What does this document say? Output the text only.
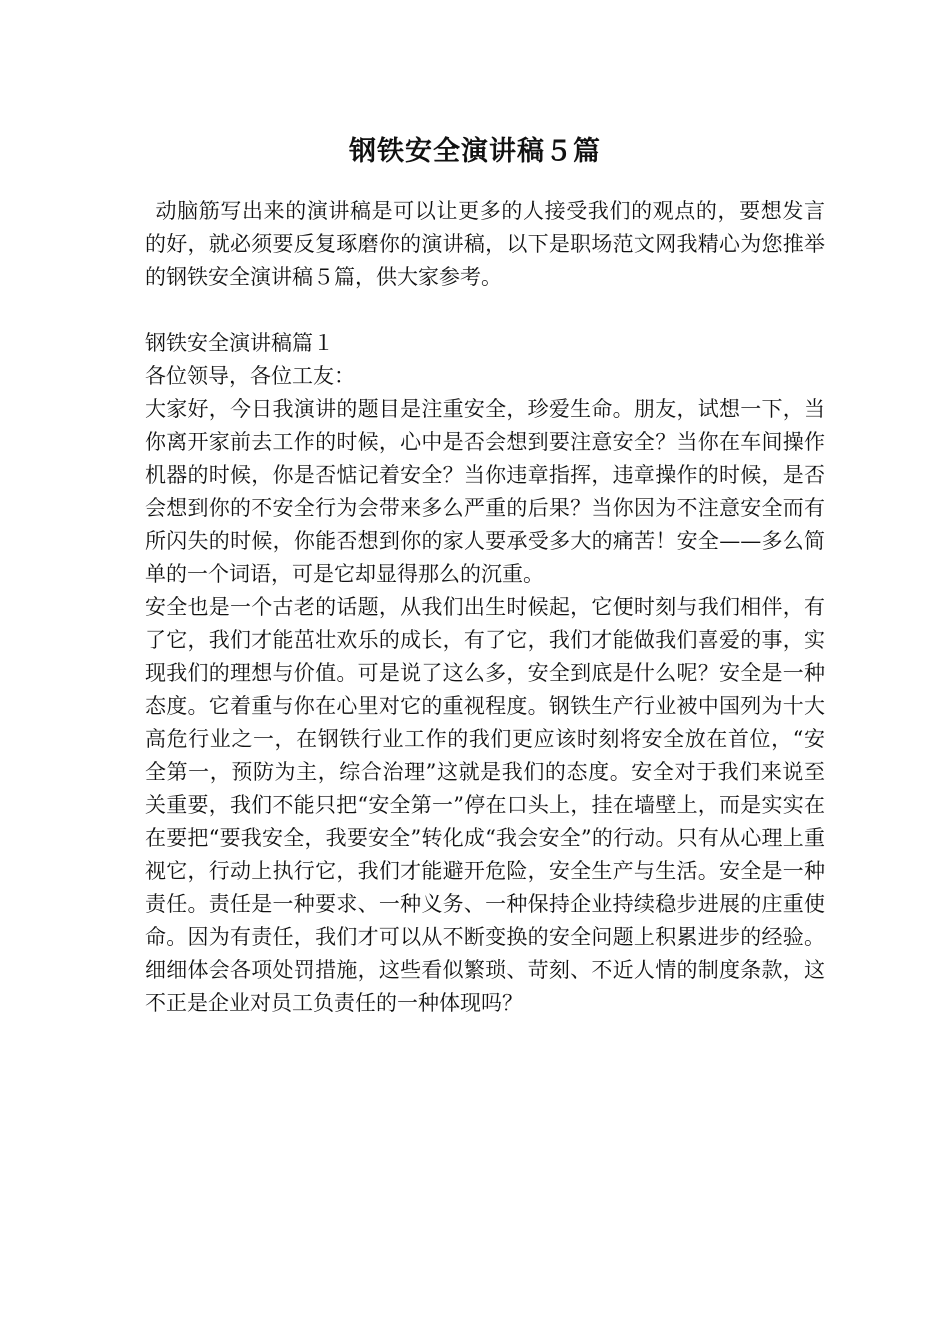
钢铁安全演讲稿５篇

动脑筋写出来的演讲稿是可以让更多的人接受我们的观点的，要想发言的好，就必须要反复琢磨你的演讲稿，以下是职场范文网我精心为您推举的钢铁安全演讲稿５篇，供大家参考。

钢铁安全演讲稿篇１

各位领导，各位工友：

大家好，今日我演讲的题目是注重安全，珍爱生命。朋友，试想一下，当你离开家前去工作的时候，心中是否会想到要注意安全？当你在车间操作机器的时候，你是否惦记着安全？当你违章指挥，违章操作的时候，是否会想到你的不安全行为会带来多么严重的后果？当你因为不注意安全而有所闪失的时候，你能否想到你的家人要承受多大的痛苦！安全——多么简单的一个词语，可是它却显得那么的沉重。

安全也是一个古老的话题，从我们出生时候起，它便时刻与我们相伴，有了它，我们才能茁壮欢乐的成长，有了它，我们才能做我们喜爱的事，实现我们的理想与价值。可是说了这么多，安全到底是什么呢？安全是一种态度。它着重与你在心里对它的重视程度。钢铁生产行业被中国列为十大高危行业之一，在钢铁行业工作的我们更应该时刻将安全放在首位，“安全第一，预防为主，综合治理”这就是我们的态度。安全对于我们来说至关重要，我们不能只把“安全第一”停在口头上，挂在墙壁上，而是实实在在要把“要我安全，我要安全”转化成“我会安全”的行动。只有从心理上重视它，行动上执行它，我们才能避开危险，安全生产与生活。安全是一种责任。责任是一种要求、一种义务、一种保持企业持续稳步进展的庄重使命。因为有责任，我们才可以从不断变换的安全问题上积累进步的经验。细细体会各项处罚措施，这些看似繁琐、苛刻、不近人情的制度条款，这不正是企业对员工负责任的一种体现吗？
